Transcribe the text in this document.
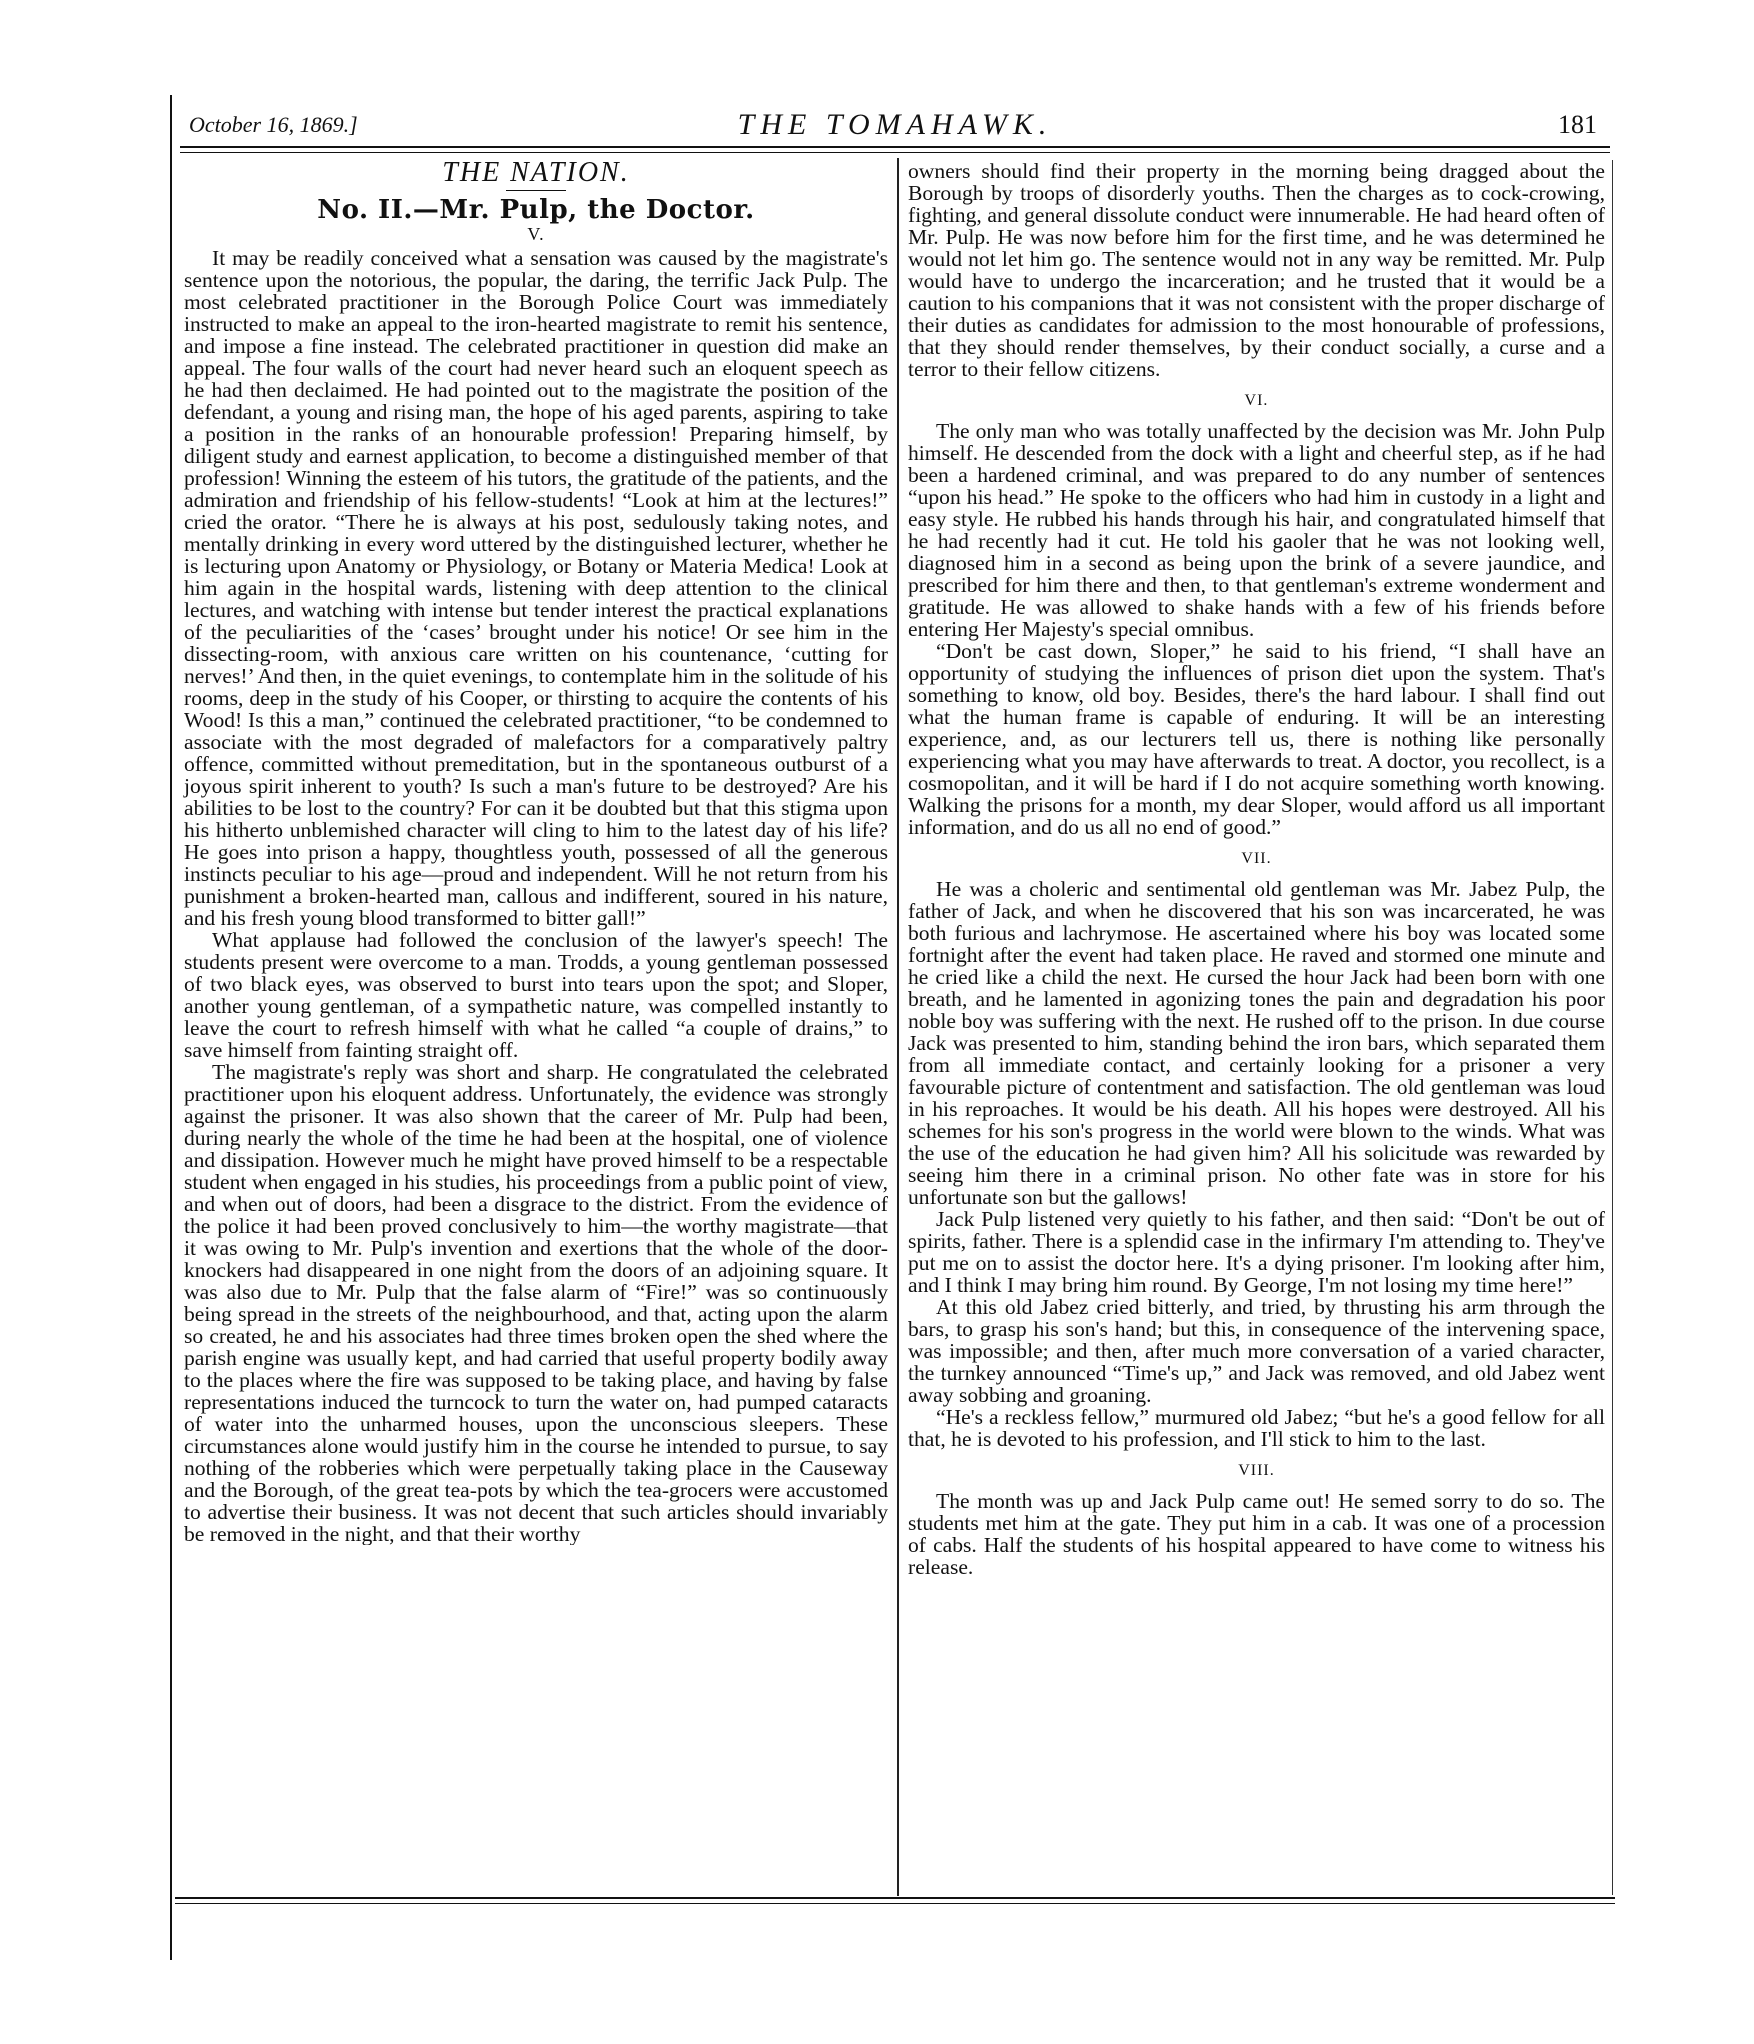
October 16, 1869.]	THE TOMAHAWK.	181
THE NATION.
No. II.—Mr. Pulp, the Doctor.
V.

It may be readily conceived what a sensation was caused by the magistrate's sentence upon the notorious, the popular, the daring, the terrific Jack Pulp. The most celebrated practitioner in the Borough Police Court was immediately instructed to make an appeal to the iron-hearted magistrate to remit his sentence, and impose a fine instead. The celebrated practitioner in question did make an appeal. The four walls of the court had never heard such an eloquent speech as he had then declaimed. He had pointed out to the magistrate the position of the defendant, a young and rising man, the hope of his aged parents, aspiring to take a position in the ranks of an honourable profession! Preparing himself, by diligent study and earnest application, to become a distinguished member of that profession! Winning the esteem of his tutors, the gratitude of the patients, and the admiration and friendship of his fellow-students! “Look at him at the lectures!” cried the orator. “There he is always at his post, sedulously taking notes, and mentally drinking in every word uttered by the distinguished lecturer, whether he is lecturing upon Anatomy or Physiology, or Botany or Materia Medica! Look at him again in the hospital wards, listening with deep attention to the clinical lectures, and watching with intense but tender interest the practical explanations of the peculiarities of the ‘cases’ brought under his notice! Or see him in the dissecting-room, with anxious care written on his countenance, ‘cutting for nerves!’ And then, in the quiet evenings, to contemplate him in the solitude of his rooms, deep in the study of his Cooper, or thirsting to acquire the contents of his Wood! Is this a man,” continued the celebrated practitioner, “to be condemned to associate with the most degraded of malefactors for a comparatively paltry offence, committed without premeditation, but in the spontaneous outburst of a joyous spirit inherent to youth? Is such a man's future to be destroyed? Are his abilities to be lost to the country? For can it be doubted but that this stigma upon his hitherto unblemished character will cling to him to the latest day of his life? He goes into prison a happy, thoughtless youth, possessed of all the generous instincts peculiar to his age—proud and independent. Will he not return from his punishment a broken-hearted man, callous and indifferent, soured in his nature, and his fresh young blood transformed to bitter gall!”

What applause had followed the conclusion of the lawyer's speech! The students present were overcome to a man. Trodds, a young gentleman possessed of two black eyes, was observed to burst into tears upon the spot; and Sloper, another young gentleman, of a sympathetic nature, was compelled instantly to leave the court to refresh himself with what he called “a couple of drains,” to save himself from fainting straight off.

The magistrate's reply was short and sharp. He congratulated the celebrated practitioner upon his eloquent address. Unfortunately, the evidence was strongly against the prisoner. It was also shown that the career of Mr. Pulp had been, during nearly the whole of the time he had been at the hospital, one of violence and dissipation. However much he might have proved himself to be a respectable student when engaged in his studies, his proceedings from a public point of view, and when out of doors, had been a disgrace to the district. From the evidence of the police it had been proved conclusively to him—the worthy magistrate—that it was owing to Mr. Pulp's invention and exertions that the whole of the door-knockers had disappeared in one night from the doors of an adjoining square. It was also due to Mr. Pulp that the false alarm of “Fire!” was so continuously being spread in the streets of the neighbourhood, and that, acting upon the alarm so created, he and his associates had three times broken open the shed where the parish engine was usually kept, and had carried that useful property bodily away to the places where the fire was supposed to be taking place, and having by false representations induced the turncock to turn the water on, had pumped cataracts of water into the unharmed houses, upon the unconscious sleepers. These circumstances alone would justify him in the course he intended to pursue, to say nothing of the robberies which were perpetually taking place in the Causeway and the Borough, of the great tea-pots by which the tea-grocers were accustomed to advertise their business. It was not decent that such articles should invariably be removed in the night, and that their worthy

owners should find their property in the morning being dragged about the Borough by troops of disorderly youths. Then the charges as to cock-crowing, fighting, and general dissolute conduct were innumerable. He had heard often of Mr. Pulp. He was now before him for the first time, and he was determined he would not let him go. The sentence would not in any way be remitted. Mr. Pulp would have to undergo the incarceration; and he trusted that it would be a caution to his companions that it was not consistent with the proper discharge of their duties as candidates for admission to the most honourable of professions, that they should render themselves, by their conduct socially, a curse and a terror to their fellow citizens.

VI.

The only man who was totally unaffected by the decision was Mr. John Pulp himself. He descended from the dock with a light and cheerful step, as if he had been a hardened criminal, and was prepared to do any number of sentences “upon his head.” He spoke to the officers who had him in custody in a light and easy style. He rubbed his hands through his hair, and congratulated himself that he had recently had it cut. He told his gaoler that he was not looking well, diagnosed him in a second as being upon the brink of a severe jaundice, and prescribed for him there and then, to that gentleman's extreme wonderment and gratitude. He was allowed to shake hands with a few of his friends before entering Her Majesty's special omnibus.

“Don't be cast down, Sloper,” he said to his friend, “I shall have an opportunity of studying the influences of prison diet upon the system. That's something to know, old boy. Besides, there's the hard labour. I shall find out what the human frame is capable of enduring. It will be an interesting experience, and, as our lecturers tell us, there is nothing like personally experiencing what you may have afterwards to treat. A doctor, you recollect, is a cosmopolitan, and it will be hard if I do not acquire something worth knowing. Walking the prisons for a month, my dear Sloper, would afford us all important information, and do us all no end of good.”

VII.

He was a choleric and sentimental old gentleman was Mr. Jabez Pulp, the father of Jack, and when he discovered that his son was incarcerated, he was both furious and lachrymose. He ascertained where his boy was located some fortnight after the event had taken place. He raved and stormed one minute and he cried like a child the next. He cursed the hour Jack had been born with one breath, and he lamented in agonizing tones the pain and degradation his poor noble boy was suffering with the next. He rushed off to the prison. In due course Jack was presented to him, standing behind the iron bars, which separated them from all immediate contact, and certainly looking for a prisoner a very favourable picture of contentment and satisfaction. The old gentleman was loud in his reproaches. It would be his death. All his hopes were destroyed. All his schemes for his son's progress in the world were blown to the winds. What was the use of the education he had given him? All his solicitude was rewarded by seeing him there in a criminal prison. No other fate was in store for his unfortunate son but the gallows!

Jack Pulp listened very quietly to his father, and then said: “Don't be out of spirits, father. There is a splendid case in the infirmary I'm attending to. They've put me on to assist the doctor here. It's a dying prisoner. I'm looking after him, and I think I may bring him round. By George, I'm not losing my time here!”

At this old Jabez cried bitterly, and tried, by thrusting his arm through the bars, to grasp his son's hand; but this, in consequence of the intervening space, was impossible; and then, after much more conversation of a varied character, the turnkey announced “Time's up,” and Jack was removed, and old Jabez went away sobbing and groaning.

“He's a reckless fellow,” murmured old Jabez; “but he's a good fellow for all that, he is devoted to his profession, and I'll stick to him to the last.

VIII.

The month was up and Jack Pulp came out! He semed sorry to do so. The students met him at the gate. They put him in a cab. It was one of a procession of cabs. Half the students of his hospital appeared to have come to witness his release.
